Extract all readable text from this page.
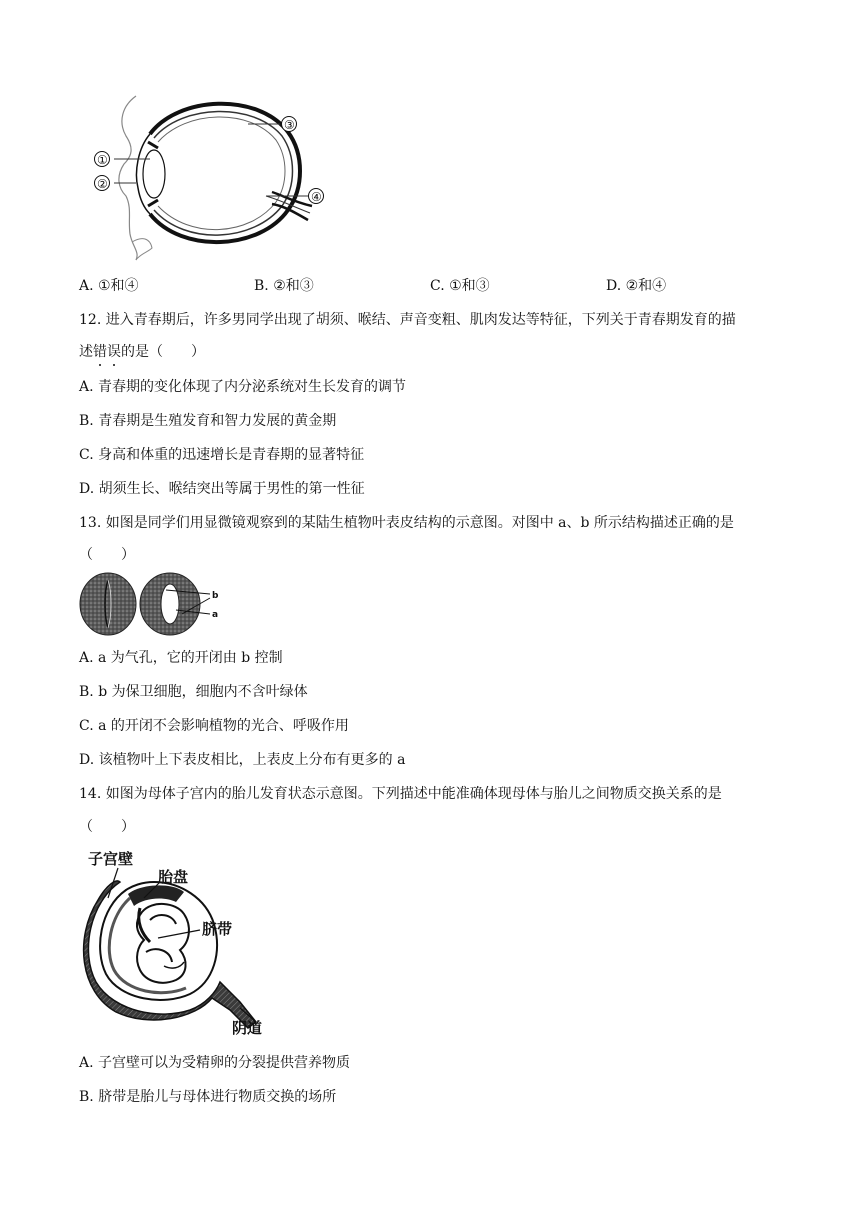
①
②
③
④
A. ①和④	B. ②和③	C. ①和③	D. ②和④
12. 进入青春期后，许多男同学出现了胡须、喉结、声音变粗、肌肉发达等特征，下列关于青春期发育的描
述错误的是（　　）
A. 青春期的变化体现了内分泌系统对生长发育的调节
B. 青春期是生殖发育和智力发展的黄金期
C. 身高和体重的迅速增长是青春期的显著特征
D. 胡须生长、喉结突出等属于男性的第一性征
13. 如图是同学们用显微镜观察到的某陆生植物叶表皮结构的示意图。对图中 a、b 所示结构描述正确的是
（　　）
b
a
A. a 为气孔，它的开闭由 b 控制
B. b 为保卫细胞，细胞内不含叶绿体
C. a 的开闭不会影响植物的光合、呼吸作用
D. 该植物叶上下表皮相比，上表皮上分布有更多的 a
14. 如图为母体子宫内的胎儿发育状态示意图。下列描述中能准确体现母体与胎儿之间物质交换关系的是
（　　）
子宫壁
胎盘
脐带
阴道
A. 子宫壁可以为受精卵的分裂提供营养物质
B. 脐带是胎儿与母体进行物质交换的场所
